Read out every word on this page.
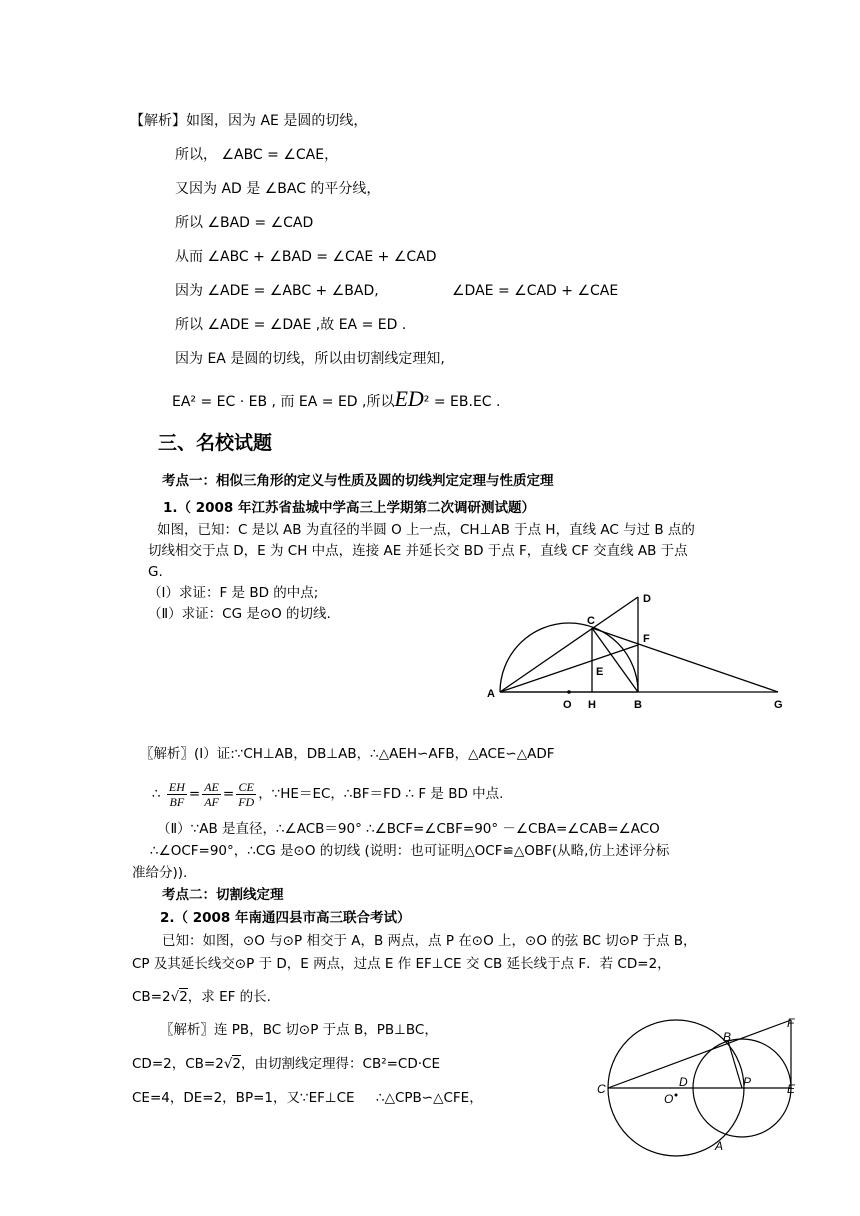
【解析】如图，因为 AE 是圆的切线，
所以， ∠ABC = ∠CAE，
又因为 AD 是 ∠BAC 的平分线，
所以 ∠BAD = ∠CAD
从而 ∠ABC + ∠BAD = ∠CAE + ∠CAD
因为 ∠ADE = ∠ABC + ∠BAD,	∠DAE = ∠CAD + ∠CAE
所以 ∠ADE = ∠DAE ,故 EA = ED .
因为 EA 是圆的切线，所以由切割线定理知,
EA² = EC · EB , 而 EA = ED ,所以ED² = EB.EC .
三、名校试题
考点一：相似三角形的定义与性质及圆的切线判定定理与性质定理
1.（ 2008 年江苏省盐城中学高三上学期第二次调研测试题）
如图，已知：C 是以 AB 为直径的半圆 O 上一点，CH⊥AB 于点 H，直线 AC 与过 B 点的
切线相交于点 D，E 为 CH 中点，连接 AE 并延长交 BD 于点 F，直线 CF 交直线 AB 于点
G.
（Ⅰ）求证：F 是 BD 的中点;
（Ⅱ）求证：CG 是⊙O 的切线.
A
O H	B	G
C
D
E
F
〖解析〗(Ⅰ）证:∵CH⊥AB，DB⊥AB，∴△AEH∽AFB，△ACE∽△ADF
∴ $\frac{EH}{BF} = \frac{AE}{AF} = \frac{CE}{FD}$ ，∵HE＝EC，∴BF＝FD ∴ F 是 BD 中点.
（Ⅱ）∵AB 是直径，∴∠ACB＝90° ∴∠BCF=∠CBF=90° －∠CBA=∠CAB=∠ACO
∴∠OCF=90°，∴CG 是⊙O 的切线 (说明：也可证明△OCF≌△OBF(从略,仿上述评分标
准给分)).
考点二：切割线定理
2.（ 2008 年南通四县市高三联合考试）
已知：如图，⊙O 与⊙P 相交于 A，B 两点，点 P 在⊙O 上，⊙O 的弦 BC 切⊙P 于点 B，
CP 及其延长线交⊙P 于 D，E 两点，过点 E 作 EF⊥CE 交 CB 延长线于点 F．若 CD=2，
CB=2√2，求 EF 的长.
〖解析〗连 PB，BC 切⊙P 于点 B，PB⊥BC，
CD=2，CB=2√2，由切割线定理得：CB²=CD·CE
CE=4，DE=2，BP=1，又∵EF⊥CE ∴△CPB∽△CFE，
C
B
F
D	P	E
O
A
